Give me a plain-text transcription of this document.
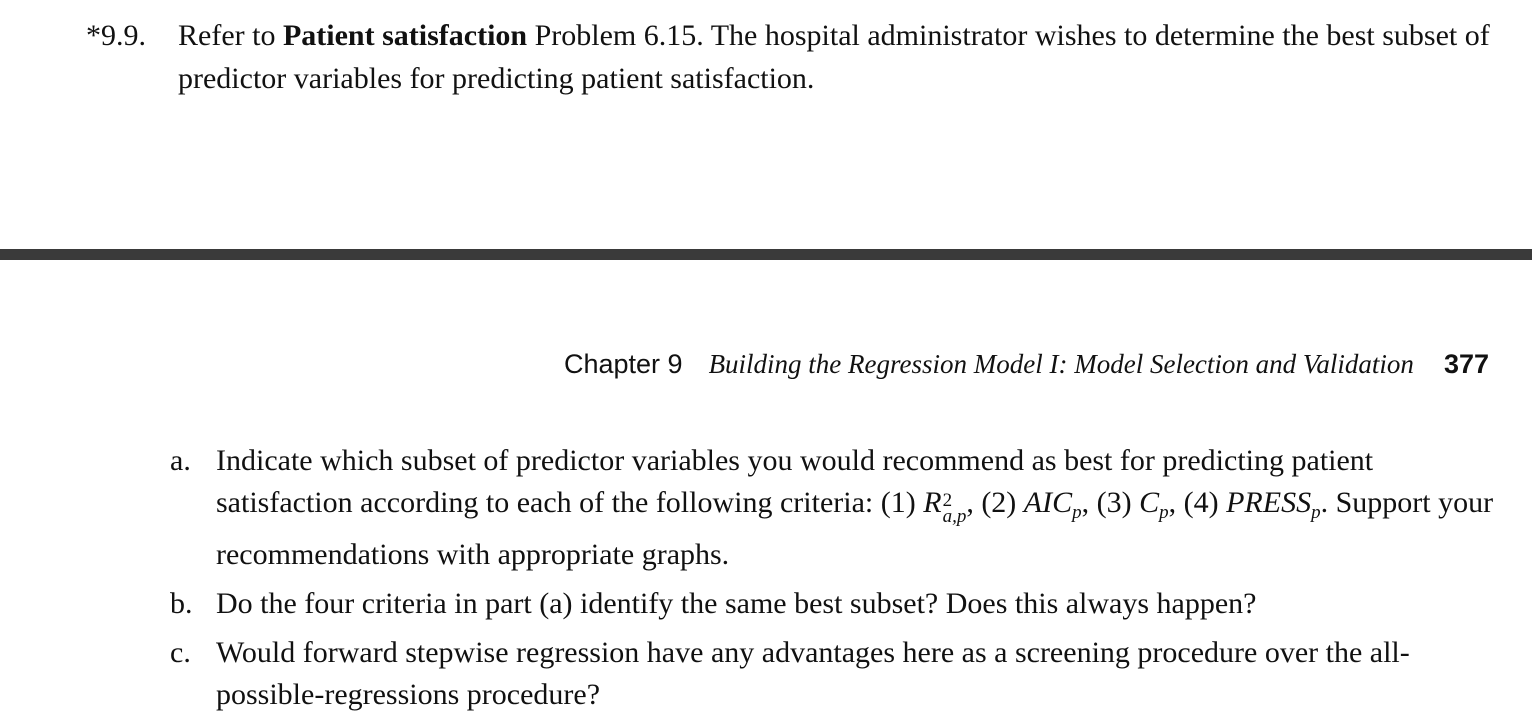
*9.9. Refer to Patient satisfaction Problem 6.15. The hospital administrator wishes to determine the best subset of predictor variables for predicting patient satisfaction.
Chapter 9 Building the Regression Model I: Model Selection and Validation 377
a. Indicate which subset of predictor variables you would recommend as best for predicting patient satisfaction according to each of the following criteria: (1) R 2
a,p , (2) $AIC_p$, (3) $C_p$, (4) $PRESS_p$. Support your recommendations with appropriate graphs.
b. Do the four criteria in part (a) identify the same best subset? Does this always happen?
c. Would forward stepwise regression have any advantages here as a screening procedure over the all-possible-regressions procedure?
